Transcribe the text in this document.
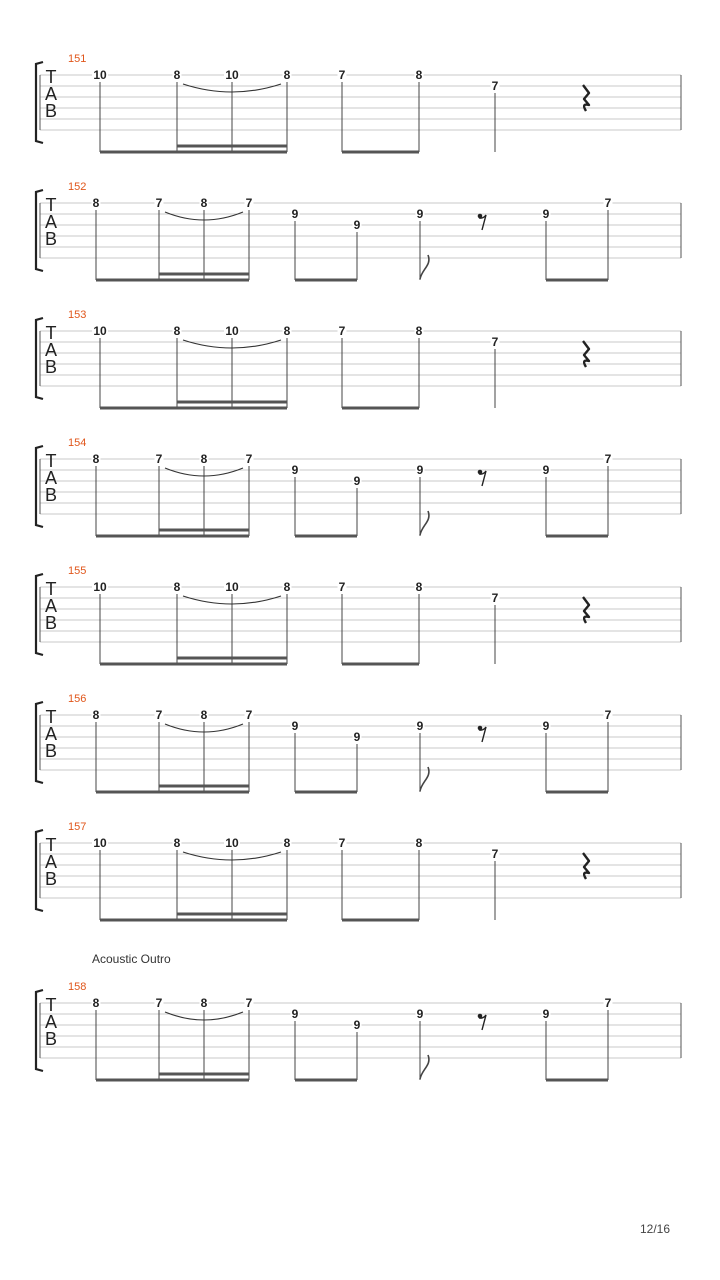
T
A
B
151
10	8	10	8	7	8
7
T
A
B
152
8	7	8	7
9
9
9	9
7
T
A
B
153
10	8	10	8	7	8
7
T
A
B
154
8	7	8	7
9
9
9	9
7
T
A
B
155
10	8	10	8	7	8
7
T
A
B
156
8	7	8	7
9
9
9	9
7
T
A
B
157
10	8	10	8	7	8
7
T
A
B
158
8	7	8	7
9
9
9	9
7
Acoustic Outro
12/16
